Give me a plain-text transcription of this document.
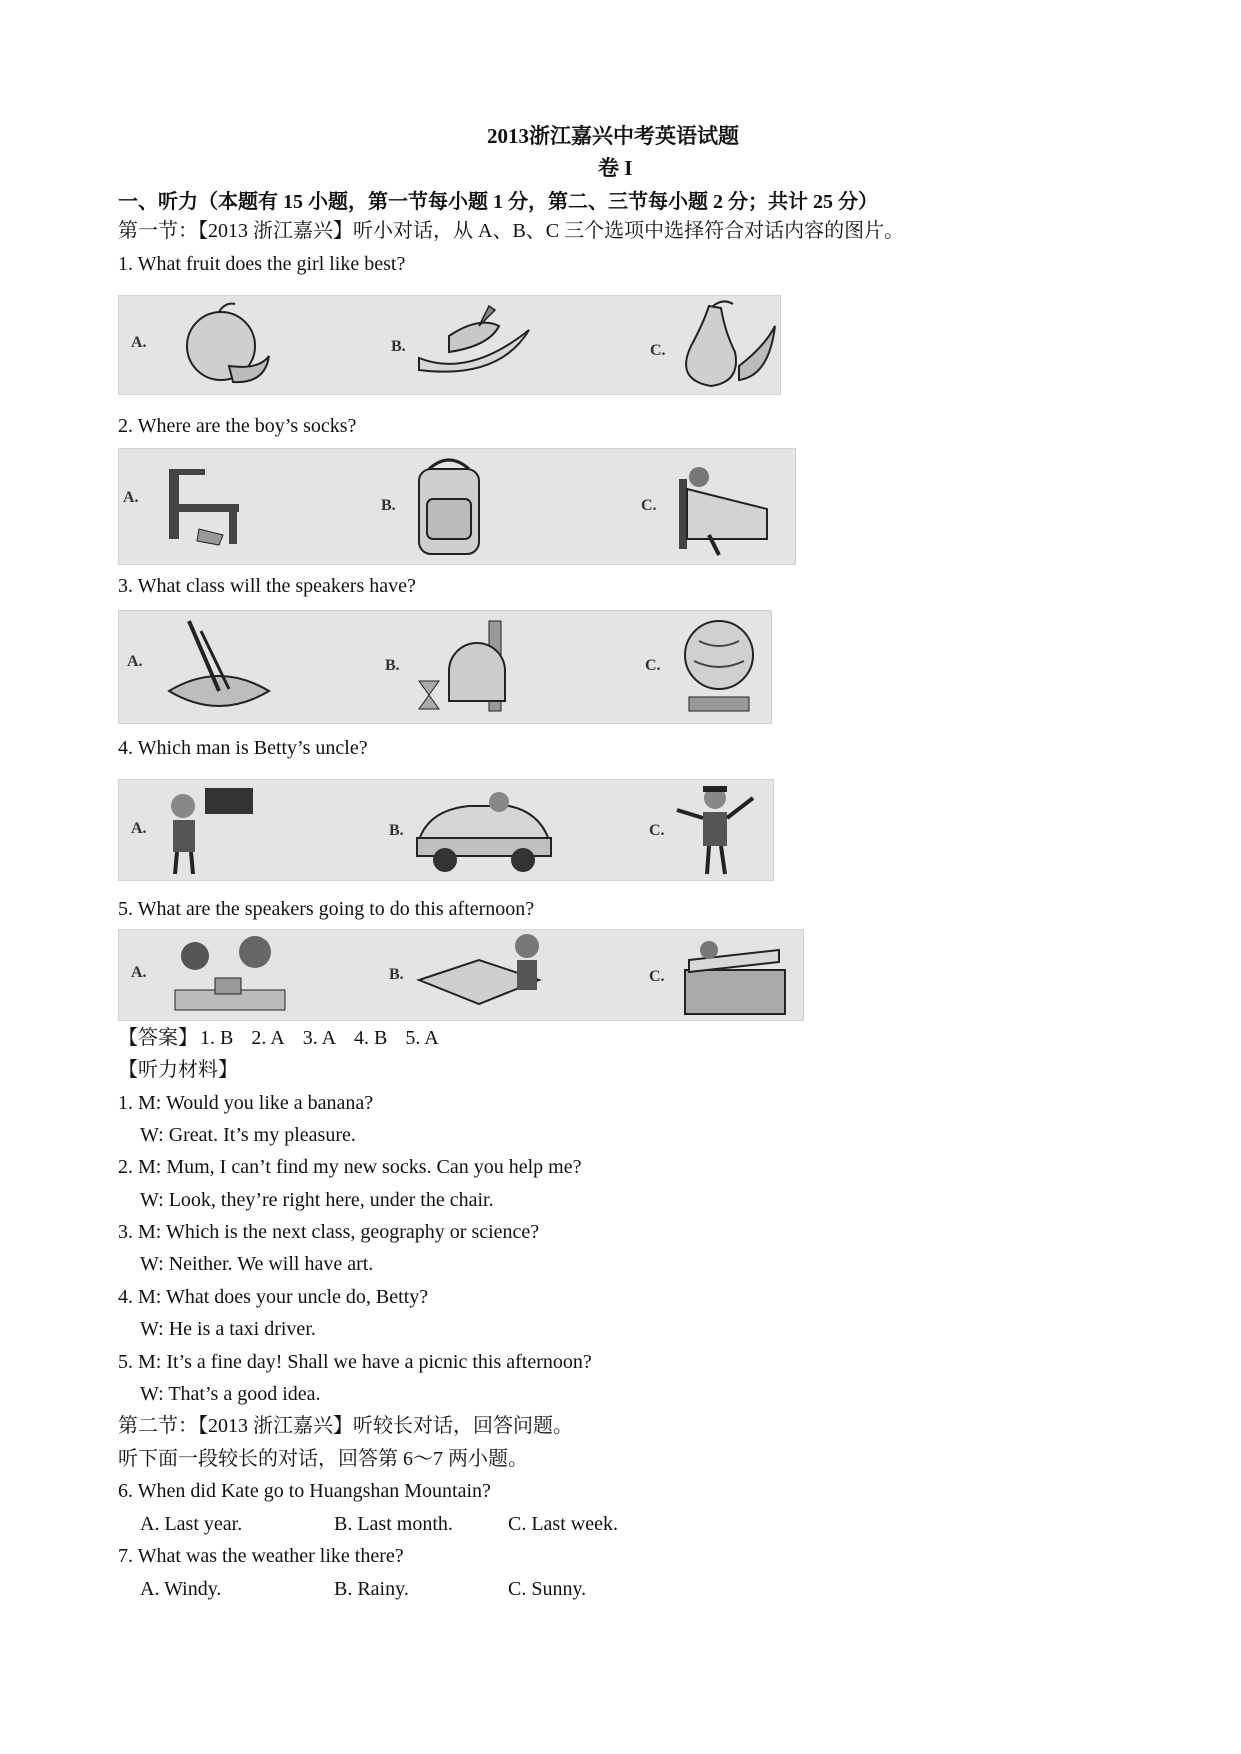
2013浙江嘉兴中考英语试题
卷 I
一、听力（本题有 15 小题，第一节每小题 1 分，第二、三节每小题 2 分；共计 25 分）
第一节：【2013 浙江嘉兴】听小对话，从 A、B、C 三个选项中选择符合对话内容的图片。
1. What fruit does the girl like best?
A.	B.	C.
2. Where are the boy’s socks?
A.	B.	C.
3. What class will the speakers have?
A.	B.	C.
4. Which man is Betty’s uncle?
A.	B.	C.
5. What are the speakers going to do this afternoon?
A.	B.	C.
【答案】 1. B 2. A 3. A 4. B 5. A
【听力材料】
1. M: Would you like a banana?
W: Great. It’s my pleasure.
2. M: Mum, I can’t find my new socks. Can you help me?
W: Look, they’re right here, under the chair.
3. M: Which is the next class, geography or science?
W: Neither. We will have art.
4. M: What does your uncle do, Betty?
W: He is a taxi driver.
5. M: It’s a fine day! Shall we have a picnic this afternoon?
W: That’s a good idea.
第二节：【2013 浙江嘉兴】听较长对话，回答问题。
听下面一段较长的对话，回答第 6～7 两小题。
6. When did Kate go to Huangshan Mountain?
A. Last year.	B. Last month.	C. Last week.
7. What was the weather like there?
A. Windy.	B. Rainy.	C. Sunny.
